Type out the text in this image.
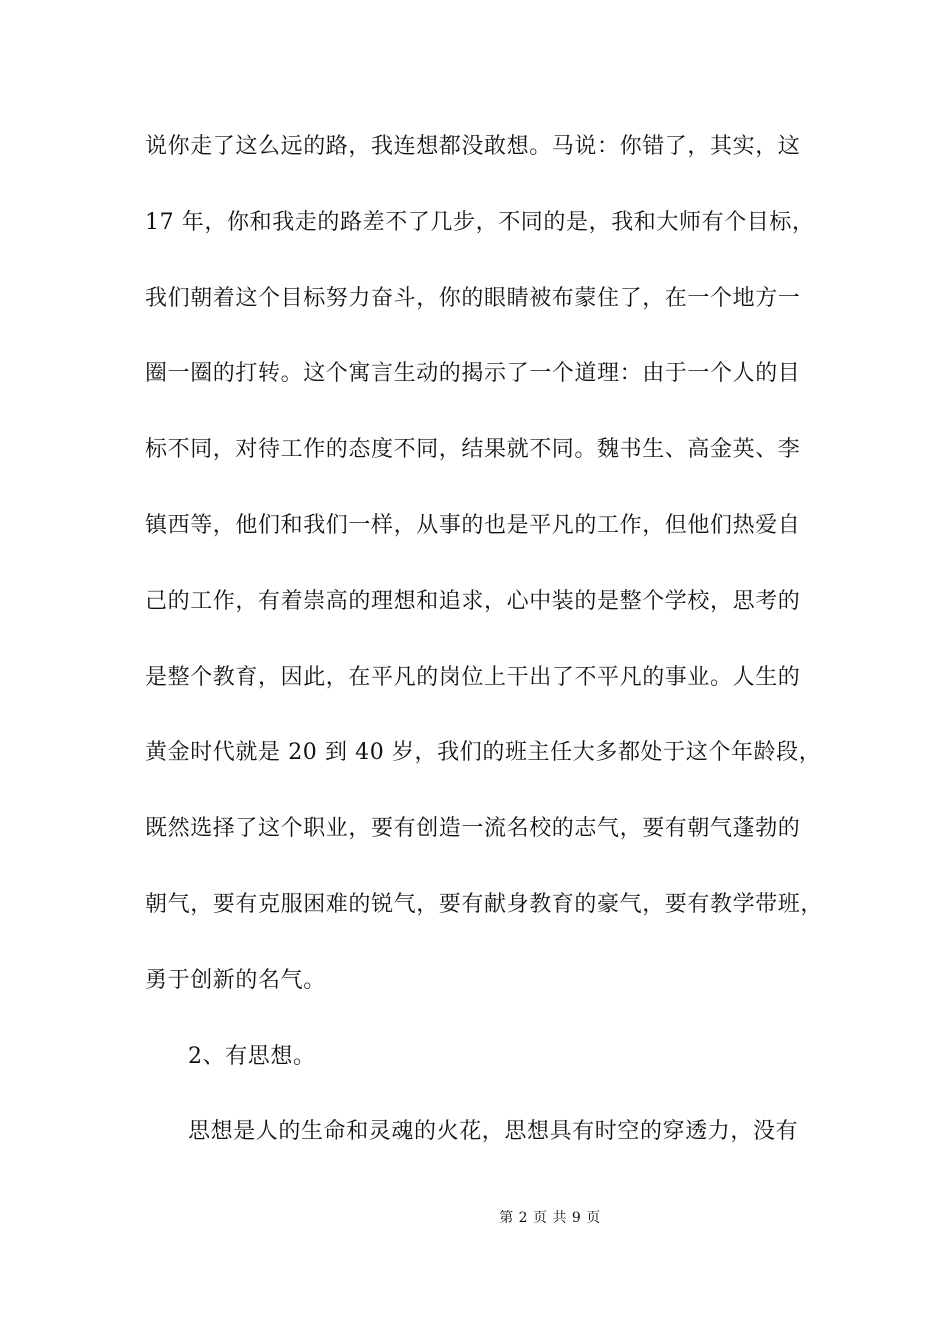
说你走了这么远的路，我连想都没敢想。马说：你错了，其实，这
17 年，你和我走的路差不了几步，不同的是，我和大师有个目标，
我们朝着这个目标努力奋斗，你的眼睛被布蒙住了，在一个地方一
圈一圈的打转。这个寓言生动的揭示了一个道理：由于一个人的目
标不同，对待工作的态度不同，结果就不同。魏书生、高金英、李
镇西等，他们和我们一样，从事的也是平凡的工作，但他们热爱自
己的工作，有着崇高的理想和追求，心中装的是整个学校，思考的
是整个教育，因此，在平凡的岗位上干出了不平凡的事业。人生的
黄金时代就是 20 到 40 岁，我们的班主任大多都处于这个年龄段，
既然选择了这个职业，要有创造一流名校的志气，要有朝气蓬勃的
朝气，要有克服困难的锐气，要有献身教育的豪气，要有教学带班，
勇于创新的名气。
2、有思想。
思想是人的生命和灵魂的火花，思想具有时空的穿透力，没有
第 2 页 共 9 页
